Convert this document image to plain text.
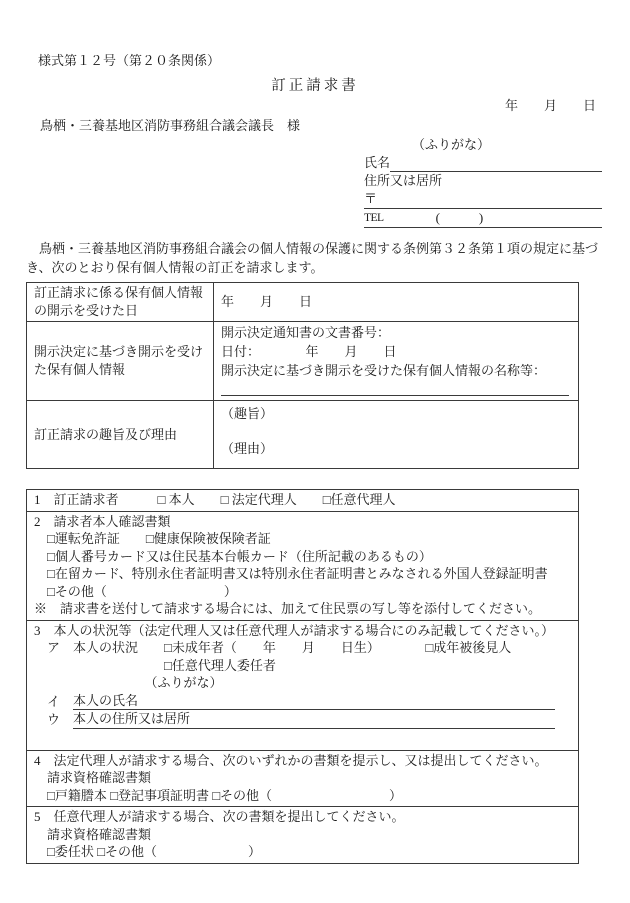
様式第１２号（第２０条関係）
訂正請求書
年　　月　　日
鳥栖・三養基地区消防事務組合議会議長　様
（ふりがな）
氏名
住所又は居所
〒
TEL	(　　　)

　鳥栖・三養基地区消防事務組合議会の個人情報の保護に関する条例第３２条第１項の規定に基づき、次のとおり保有個人情報の訂正を請求します。

訂正請求に係る保有個人情報の開示を受けた日	年　　月　　日
開示決定に基づき開示を受けた保有個人情報	開示決定通知書の文書番号：
日付：　　　　年　　月　　日
開示決定に基づき開示を受けた保有個人情報の名称等：

訂正請求の趣旨及び理由	（趣旨）
（理由）
1　訂正請求者　　　□ 本人　　□ 法定代理人　　□任意代理人

2　請求者本人確認書類
　□運転免許証　　□健康保険被保険者証
　□個人番号カード又は住民基本台帳カード（住所記載のあるもの）
　□在留カード、特別永住者証明書又は特別永住者証明書とみなされる外国人登録証明書
　□その他（　　　　　　　　　）
※　請求書を送付して請求する場合には、加えて住民票の写し等を添付してください。

3　本人の状況等（法定代理人又は任意代理人が請求する場合にのみ記載してください。）
　ア　本人の状況　　□未成年者（　　年　　月　　日生）　　　　□成年被後見人
　　　　　　　　　　□任意代理人委任者
　　　　　　　　　（ふりがな）
イ 本人の氏名
ウ 本人の住所又は居所

4　法定代理人が請求する場合、次のいずれかの書類を提示し、又は提出してください。
　請求資格確認書類
　□戸籍謄本 □登記事項証明書 □その他（　　　　　　　　　）

5　任意代理人が請求する場合、次の書類を提出してください。
　請求資格確認書類
　□委任状 □その他（　　　　　　　）
